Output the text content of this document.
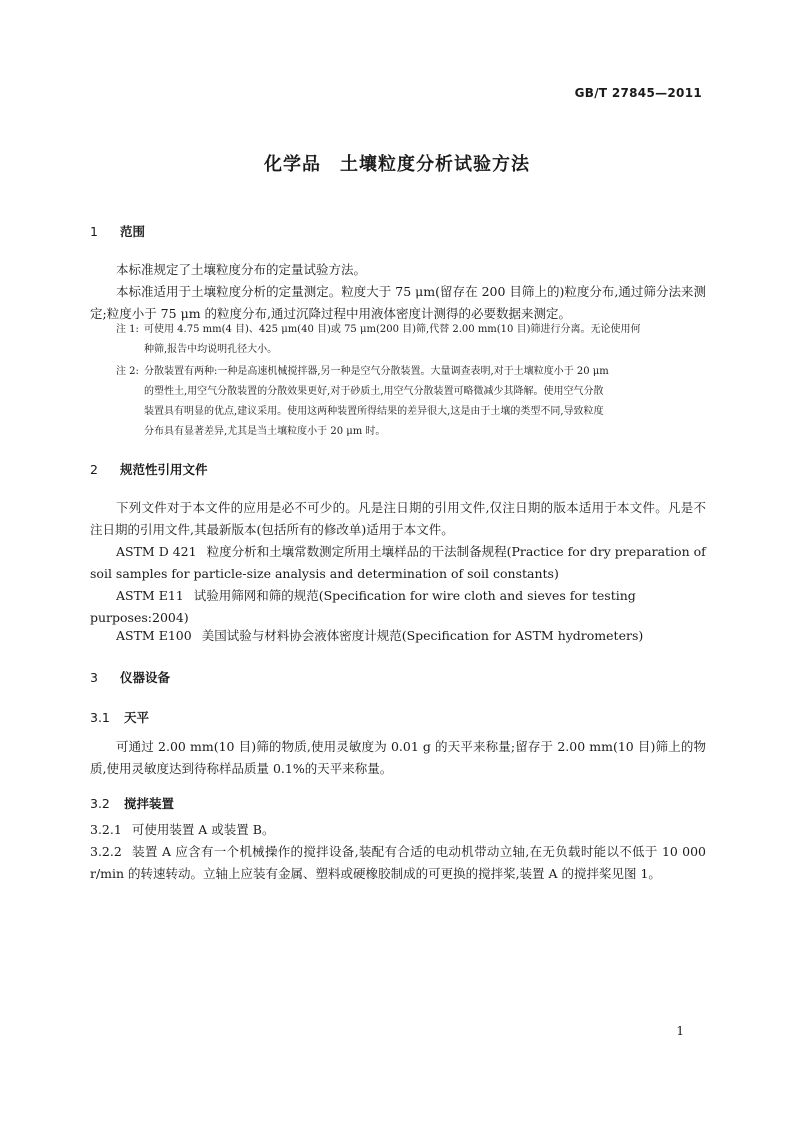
GB/T 27845—2011
化学品　土壤粒度分析试验方法
1 范围
本标准规定了土壤粒度分布的定量试验方法。
本标准适用于土壤粒度分析的定量测定。粒度大于 75 μm(留存在 200 目筛上的)粒度分布,通过筛分法来测定;粒度小于 75 μm 的粒度分布,通过沉降过程中用液体密度计测得的必要数据来测定。
注 1: 可使用 4.75 mm(4 目)、425 μm(40 目)或 75 μm(200 目)筛,代替 2.00 mm(10 目)筛进行分离。无论使用何
种筛,报告中均说明孔径大小。
注 2: 分散装置有两种:一种是高速机械搅拌器,另一种是空气分散装置。大量调查表明,对于土壤粒度小于 20 μm
的塑性土,用空气分散装置的分散效果更好,对于砂质土,用空气分散装置可略微减少其降解。使用空气分散
装置具有明显的优点,建议采用。使用这两种装置所得结果的差异很大,这是由于土壤的类型不同,导致粒度
分布具有显著差异,尤其是当土壤粒度小于 20 μm 时。
2 规范性引用文件
下列文件对于本文件的应用是必不可少的。凡是注日期的引用文件,仅注日期的版本适用于本文件。凡是不注日期的引用文件,其最新版本(包括所有的修改单)适用于本文件。
ASTM D 421 粒度分析和土壤常数测定所用土壤样品的干法制备规程(Practice for dry preparation of soil samples for particle-size analysis and determination of soil constants)
ASTM E11 试验用筛网和筛的规范(Specification for wire cloth and sieves for testing purposes:2004)
ASTM E100 美国试验与材料协会液体密度计规范(Specification for ASTM hydrometers)
3 仪器设备
3.1 天平
可通过 2.00 mm(10 目)筛的物质,使用灵敏度为 0.01 g 的天平来称量;留存于 2.00 mm(10 目)筛上的物质,使用灵敏度达到待称样品质量 0.1%的天平来称量。
3.2 搅拌装置
3.2.1 可使用装置 A 或装置 B。
3.2.2 装置 A 应含有一个机械操作的搅拌设备,装配有合适的电动机带动立轴,在无负载时能以不低于 10 000 r/min 的转速转动。立轴上应装有金属、塑料或硬橡胶制成的可更换的搅拌桨,装置 A 的搅拌桨见图 1。
1
